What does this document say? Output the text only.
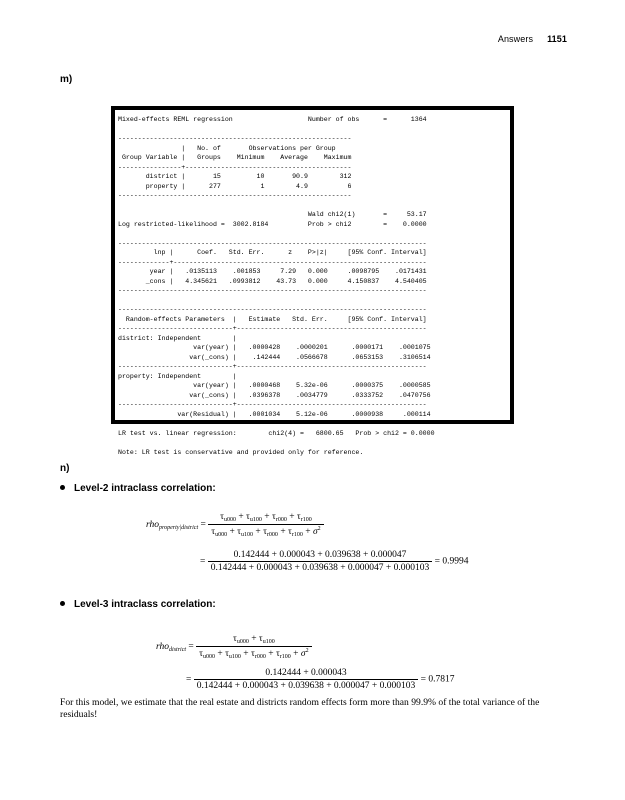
Answers 1151
m)
Mixed-effects REML regression                   Number of obs      =      1364

-----------------------------------------------------------
|   No. of       Observations per Group
Group Variable |   Groups    Minimum    Average    Maximum
----------------+------------------------------------------
district |       15         10       90.9        312
property |      277          1        4.9          6
-----------------------------------------------------------

Wald chi2(1)       =     53.17
Log restricted-likelihood =  3002.8184          Prob > chi2        =    0.0000

------------------------------------------------------------------------------
lnp |      Coef.   Std. Err.      z    P>|z|     [95% Conf. Interval]
-------------+----------------------------------------------------------------
year |   .0135113    .001853     7.29   0.000     .0098795    .0171431
_cons |   4.345621   .0993812    43.73   0.000     4.150837    4.540405
------------------------------------------------------------------------------

------------------------------------------------------------------------------
Random-effects Parameters  |   Estimate   Std. Err.     [95% Conf. Interval]
-----------------------------+------------------------------------------------
district: Independent        |
var(year) |   .0000428    .0000201      .0000171    .0001075
var(_cons) |    .142444    .0566678      .0653153    .3106514
-----------------------------+------------------------------------------------
property: Independent        |
var(year) |   .0000468    5.32e-06      .0000375    .0000585
var(_cons) |   .0396378    .0034779      .0333752    .0470756
-----------------------------+------------------------------------------------
var(Residual) |   .0001034    5.12e-06      .0000938     .000114
------------------------------------------------------------------------------
LR test vs. linear regression:        chi2(4) =   6800.65   Prob > chi2 = 0.0000

Note: LR test is conservative and provided only for reference.
n)
Level-2 intraclass correlation:
$rho_{property|district} = \frac{\tau_{u000} + \tau_{u100} + \tau_{r000} + \tau_{r100}}{\tau_{u000} + \tau_{u100} + \tau_{r000} + \tau_{r100} + \sigma^2}$
= $\frac{0.142444 + 0.000043 + 0.039638 + 0.000047}{0.142444 + 0.000043 + 0.039638 + 0.000047 + 0.000103} = 0.9994$
Level-3 intraclass correlation:
$rho_{district} = \frac{\tau_{u000} + \tau_{u100}}{\tau_{u000} + \tau_{u100} + \tau_{r000} + \tau_{r100} + \sigma^2}$
= $\frac{0.142444 + 0.000043}{0.142444 + 0.000043 + 0.039638 + 0.000047 + 0.000103} = 0.7817$
For this model, we estimate that the real estate and districts random effects form more than 99.9% of the total variance of the residuals!
